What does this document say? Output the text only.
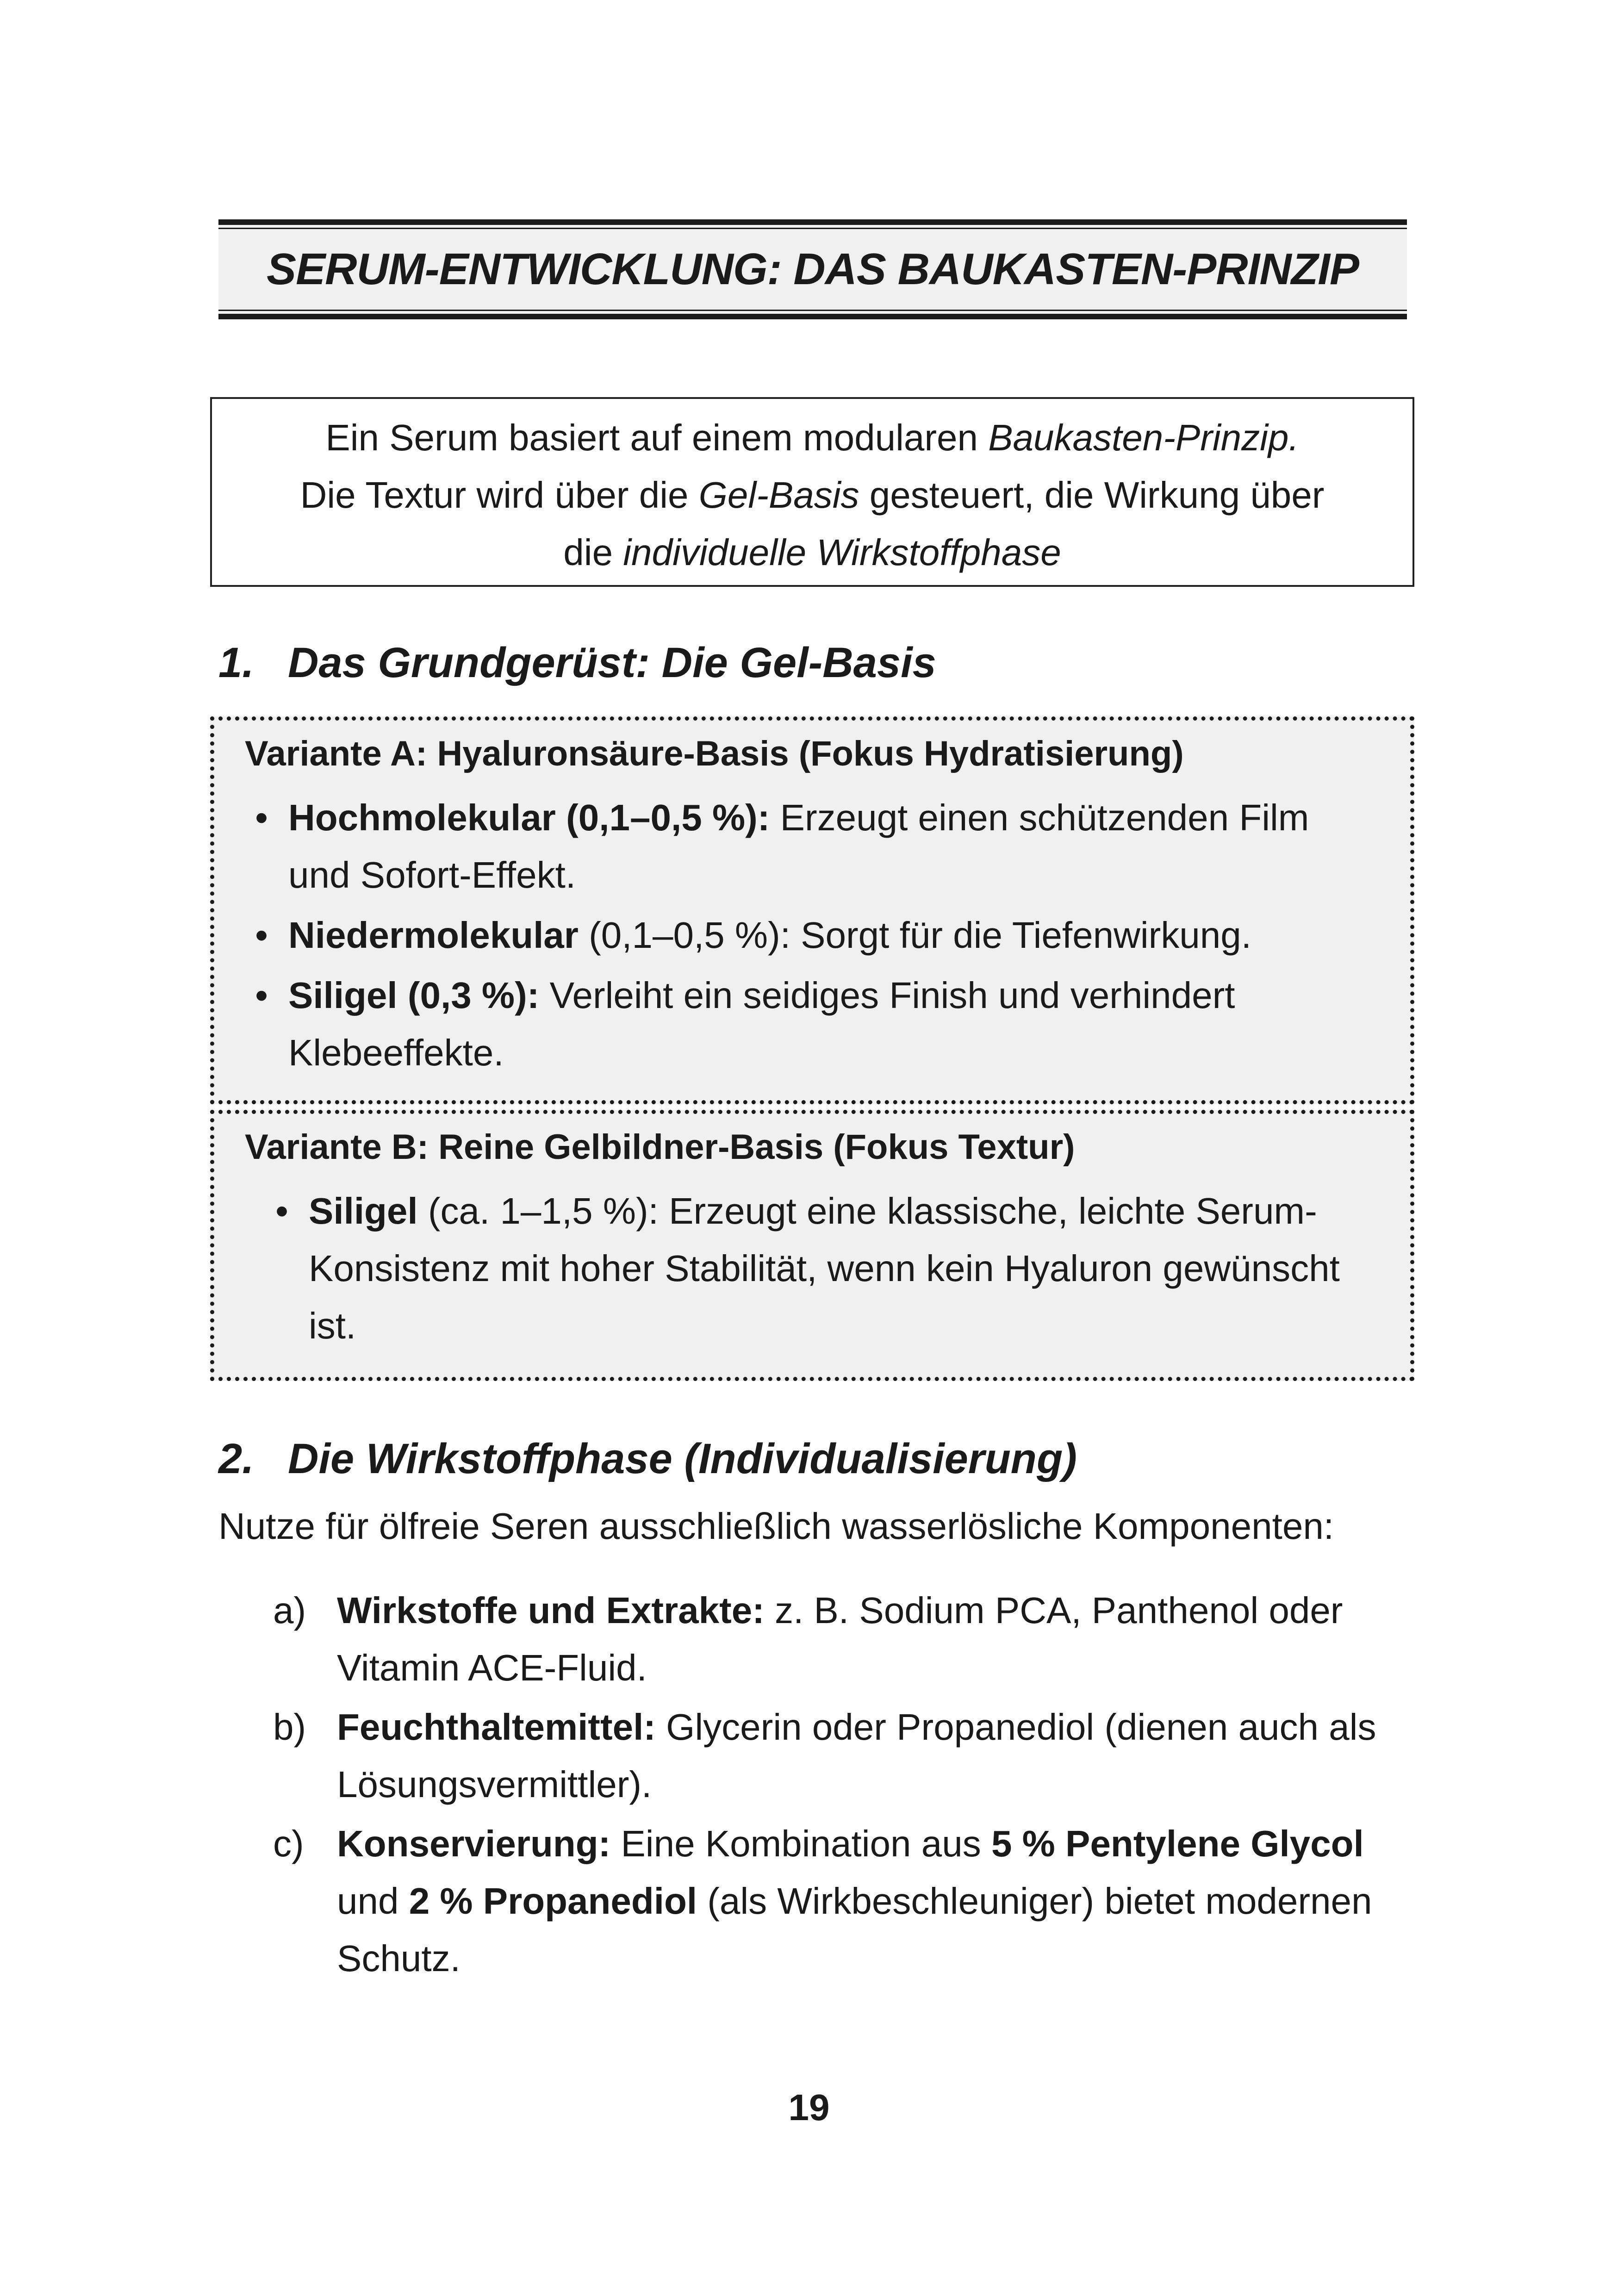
SERUM-ENTWICKLUNG: DAS BAUKASTEN-PRINZIP
Ein Serum basiert auf einem modularen Baukasten-Prinzip.
Die Textur wird über die Gel-Basis gesteuert, die Wirkung über
die individuelle Wirkstoffphase
1. Das Grundgerüst: Die Gel-Basis
Variante A: Hyaluronsäure-Basis (Fokus Hydratisierung)
• Hochmolekular (0,1–0,5 %): Erzeugt einen schützenden Film und Sofort-Effekt.
• Niedermolekular (0,1–0,5 %): Sorgt für die Tiefenwirkung.
• Siligel (0,3 %): Verleiht ein seidiges Finish und verhindert Klebeeffekte.
Variante B: Reine Gelbildner-Basis (Fokus Textur)
• Siligel (ca. 1–1,5 %): Erzeugt eine klassische, leichte Serum-Konsistenz mit hoher Stabilität, wenn kein Hyaluron gewünscht ist.
2. Die Wirkstoffphase (Individualisierung)
Nutze für ölfreie Seren ausschließlich wasserlösliche Komponenten:
a) Wirkstoffe und Extrakte: z. B. Sodium PCA, Panthenol oder Vitamin ACE-Fluid.
b) Feuchthaltemittel: Glycerin oder Propanediol (dienen auch als Lösungsvermittler).
c) Konservierung: Eine Kombination aus 5 % Pentylene Glycol und 2 % Propanediol (als Wirkbeschleuniger) bietet modernen Schutz.
19
